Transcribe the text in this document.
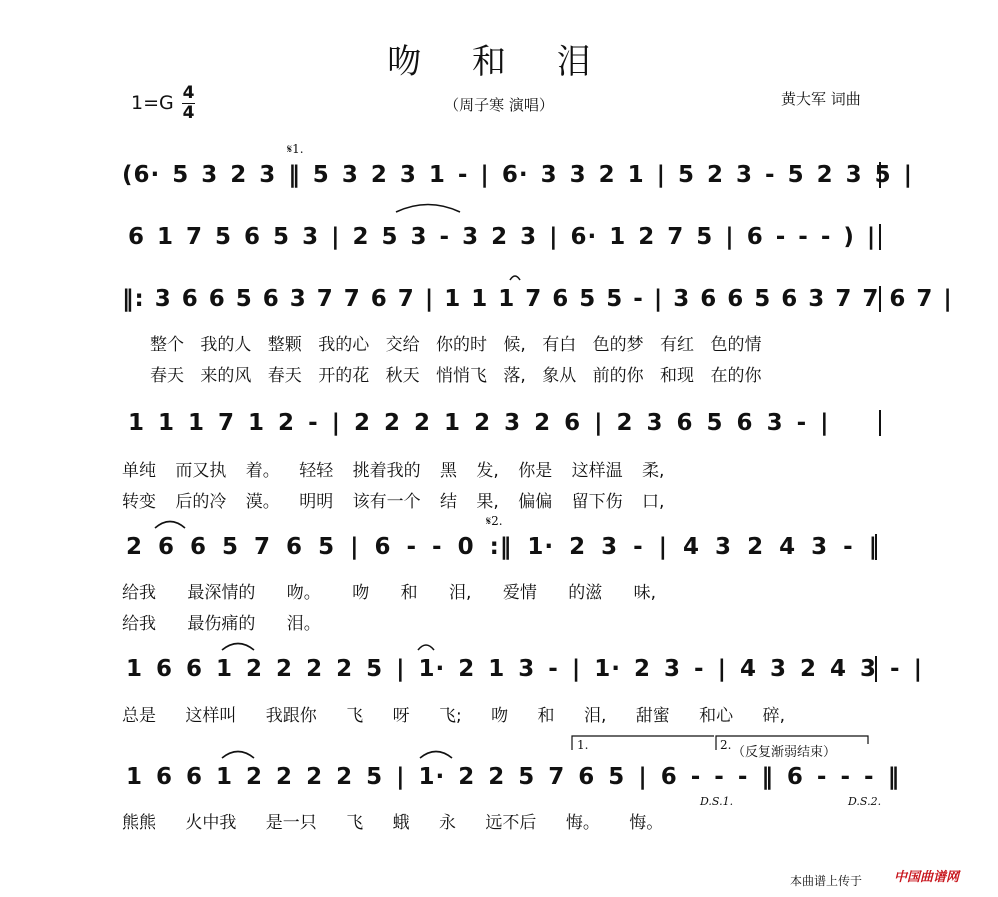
吻 和 泪
1=G 4
4	（周子寒 演唱）	黄大军 词曲
(6· 5 3 2 3 ‖ 5 3 2 3 1 - | 6· 3 3 2 1 | 5 2 3 - 5 2 3 5 |
𝄋1.
6 1 7 5 6 5 3 | 2 5 3 - 3 2 3 | 6· 1 2 7 5 | 6 - - - ) |
‖: 3 6 6 5 6 3 7 7 6 7 | 1 1 1 7 6 5 5 - | 3 6 6 5 6 3 7 7 6 7 |
整个 我的人 整颗 我的心 交给 你的时 候, 有白 色的梦 有红 色的情
春天 来的风 春天 开的花 秋天 悄悄飞 落, 象从 前的你 和现 在的你
1 1 1 7 1 2 - | 2 2 2 1 2 3 2 6 | 2 3 6 5 6 3 - |
单纯 而又执 着。 轻轻 挑着我的 黑 发, 你是 这样温 柔,
转变 后的冷 漠。 明明 该有一个 结 果, 偏偏 留下伤 口,
2 6 6 5 7 6 5 | 6 - - 0 :‖ 1· 2 3 - | 4 3 2 4 3 - |
𝄋2.
给我 最深情的 吻。 吻 和 泪, 爱情 的滋 味,
给我 最伤痛的 泪。
1 6 6 1 2 2 2 2 5 | 1· 2 1 3 - | 1· 2 3 - | 4 3 2 4 3 - |
总是 这样叫 我跟你 飞 呀 飞; 吻 和 泪, 甜蜜 和心 碎,
1.	2. （反复渐弱结束）
1 6 6 1 2 2 2 2 5 | 1· 2 2 5 7 6 5 | 6 - - - ‖ 6 - - - ‖
D.S.1.	D.S.2.
熊熊 火中我 是一只 飞 蛾 永 远不后 悔。 悔。
本曲谱上传于 中国曲谱网
